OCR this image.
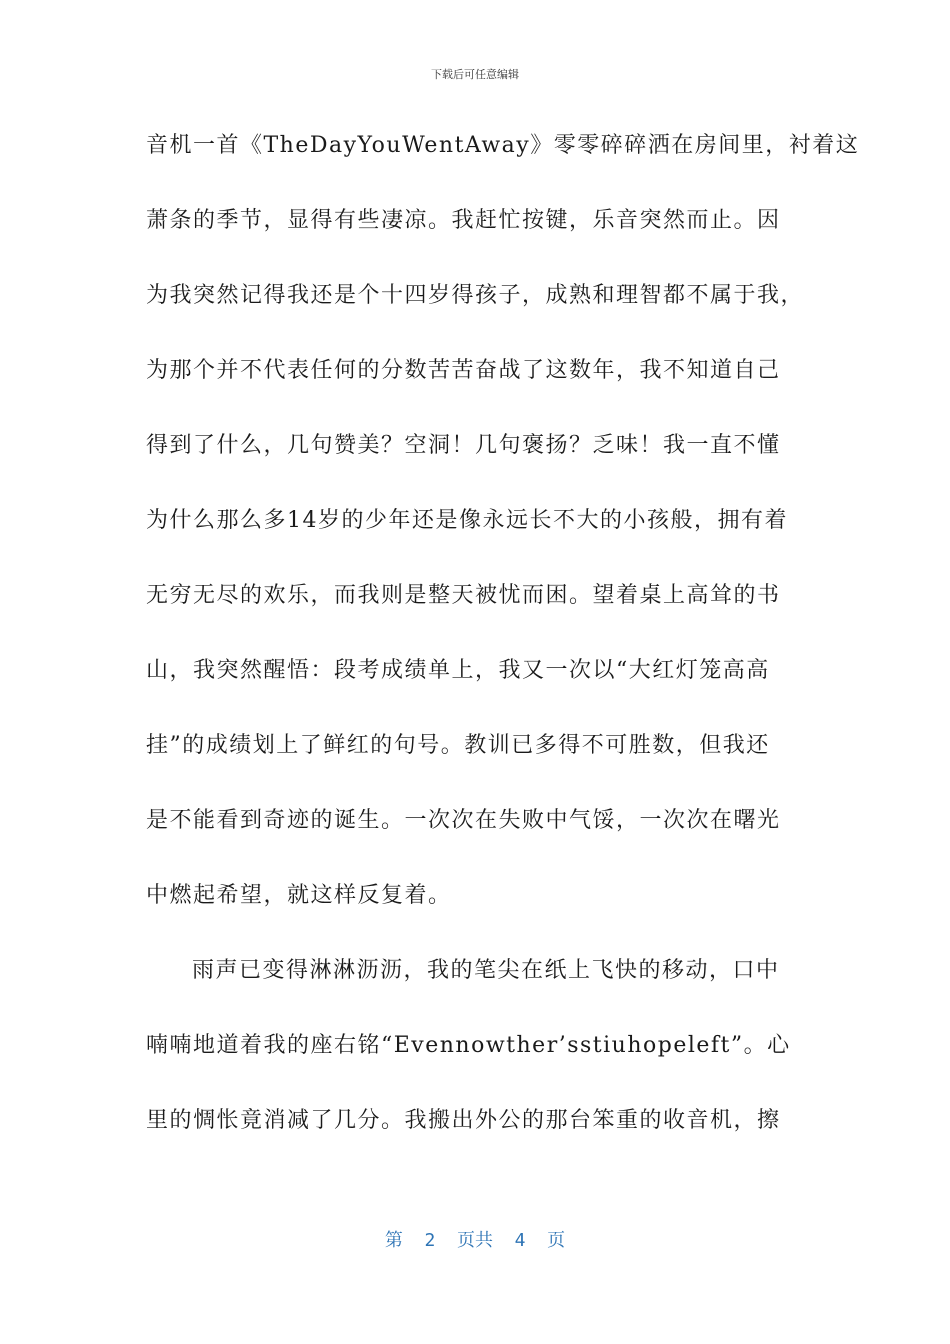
下载后可任意编辑
音机一首《TheDayYouWentAway》零零碎碎洒在房间里，衬着这
萧条的季节，显得有些凄凉。我赶忙按键，乐音突然而止。因
为我突然记得我还是个十四岁得孩子，成熟和理智都不属于我，
为那个并不代表任何的分数苦苦奋战了这数年，我不知道自己
得到了什么，几句赞美？空洞！几句褒扬？乏味！我一直不懂
为什么那么多14岁的少年还是像永远长不大的小孩般，拥有着
无穷无尽的欢乐，而我则是整天被忧而困。望着桌上高耸的书
山，我突然醒悟：段考成绩单上，我又一次以“大红灯笼高高
挂”的成绩划上了鲜红的句号。教训已多得不可胜数，但我还
是不能看到奇迹的诞生。一次次在失败中气馁，一次次在曙光
中燃起希望，就这样反复着。
雨声已变得淋淋沥沥，我的笔尖在纸上飞快的移动，口中
喃喃地道着我的座右铭“Evennowther’sstiuhopeleft”。心
里的惆怅竟消减了几分。我搬出外公的那台笨重的收音机，擦
第  2  页共  4  页
